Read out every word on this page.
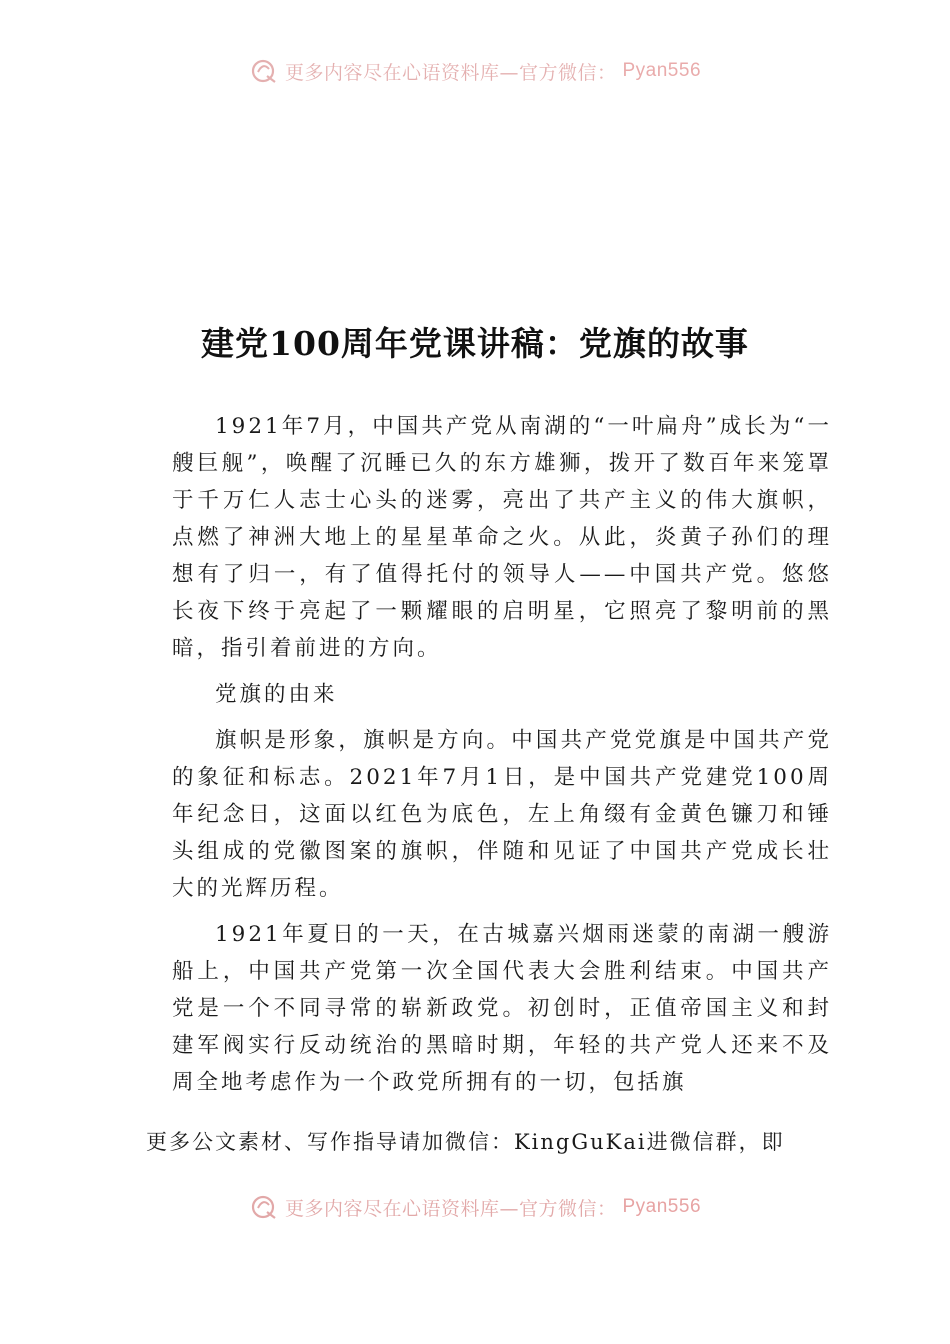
更多内容尽在心语资料库—官方微信： Pyan556
建党100周年党课讲稿：党旗的故事

1921年7月，中国共产党从南湖的“一叶扁舟”成长为“一艘巨舰”，唤醒了沉睡已久的东方雄狮，拨开了数百年来笼罩于千万仁人志士心头的迷雾，亮出了共产主义的伟大旗帜，点燃了神洲大地上的星星革命之火。从此，炎黄子孙们的理想有了归一，有了值得托付的领导人——中国共产党。悠悠长夜下终于亮起了一颗耀眼的启明星，它照亮了黎明前的黑暗，指引着前进的方向。

党旗的由来

旗帜是形象，旗帜是方向。中国共产党党旗是中国共产党的象征和标志。2021年7月1日，是中国共产党建党100周年纪念日，这面以红色为底色，左上角缀有金黄色镰刀和锤头组成的党徽图案的旗帜，伴随和见证了中国共产党成长壮大的光辉历程。

1921年夏日的一天，在古城嘉兴烟雨迷蒙的南湖一艘游船上，中国共产党第一次全国代表大会胜利结束。中国共产党是一个不同寻常的崭新政党。初创时，正值帝国主义和封建军阀实行反动统治的黑暗时期，年轻的共产党人还来不及周全地考虑作为一个政党所拥有的一切，包括旗

更多公文素材、写作指导请加微信：KingGuKai进微信群，即
更多内容尽在心语资料库—官方微信： Pyan556
